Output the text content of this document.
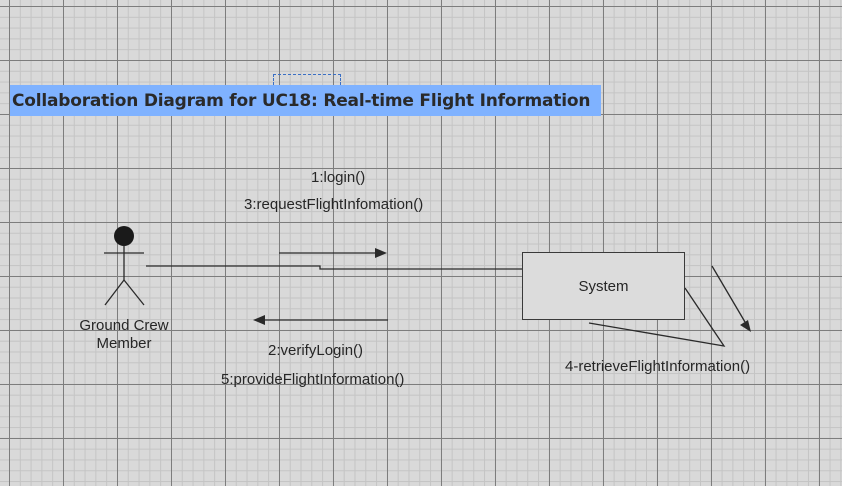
Collaboration Diagram for UC18: Real-time Flight Information
System
Ground Crew
Member
1:login()
3:requestFlightInfomation()
2:verifyLogin()
5:provideFlightInformation()
4-retrieveFlightInformation()
